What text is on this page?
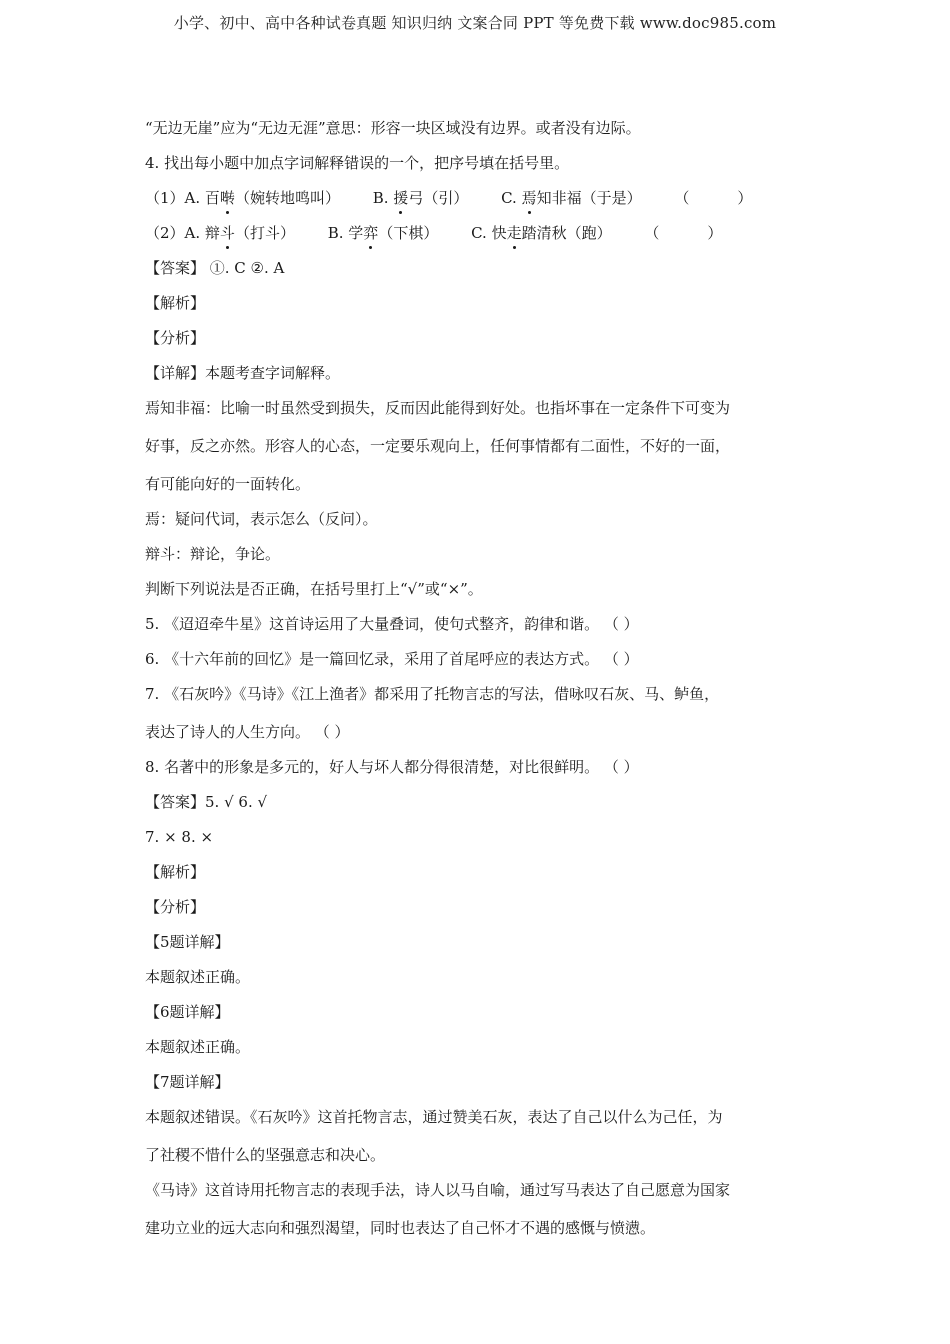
小学、初中、高中各种试卷真题 知识归纳 文案合同 PPT 等免费下载 www.doc985.com
“无边无崖”应为“无边无涯”意思：形容一块区域没有边界。或者没有边际。
4. 找出每小题中加点字词解释错误的一个，把序号填在括号里。
（1）A. 百啭（婉转地鸣叫） B. 援弓（引） C. 焉知非福（于是） （	）
（2）A. 辩斗（打斗） B. 学弈（下棋） C. 快走踏清秋（跑） （	）
【答案】 ①. C ②. A
【解析】
【分析】
【详解】本题考查字词解释。
焉知非福：比喻一时虽然受到损失，反而因此能得到好处。也指坏事在一定条件下可变为
好事，反之亦然。形容人的心态，一定要乐观向上，任何事情都有二面性，不好的一面，
有可能向好的一面转化。
焉：疑问代词，表示怎么（反问）。
辩斗：辩论，争论。
判断下列说法是否正确，在括号里打上“√”或“×”。
5. 《迢迢牵牛星》这首诗运用了大量叠词，使句式整齐，韵律和谐。 （ ）
6. 《十六年前的回忆》是一篇回忆录，采用了首尾呼应的表达方式。 （ ）
7. 《石灰吟》《马诗》《江上渔者》都采用了托物言志的写法，借咏叹石灰、马、鲈鱼，
表达了诗人的人生方向。 （ ）
8. 名著中的形象是多元的，好人与坏人都分得很清楚，对比很鲜明。 （ ）
【答案】5. √ 6. √
7. × 8. ×
【解析】
【分析】
【5题详解】
本题叙述正确。
【6题详解】
本题叙述正确。
【7题详解】
本题叙述错误。《石灰吟》这首托物言志，通过赞美石灰，表达了自己以什么为己任，为
了社稷不惜什么的坚强意志和决心。
《马诗》这首诗用托物言志的表现手法，诗人以马自喻，通过写马表达了自己愿意为国家
建功立业的远大志向和强烈渴望，同时也表达了自己怀才不遇的感慨与愤懑。
